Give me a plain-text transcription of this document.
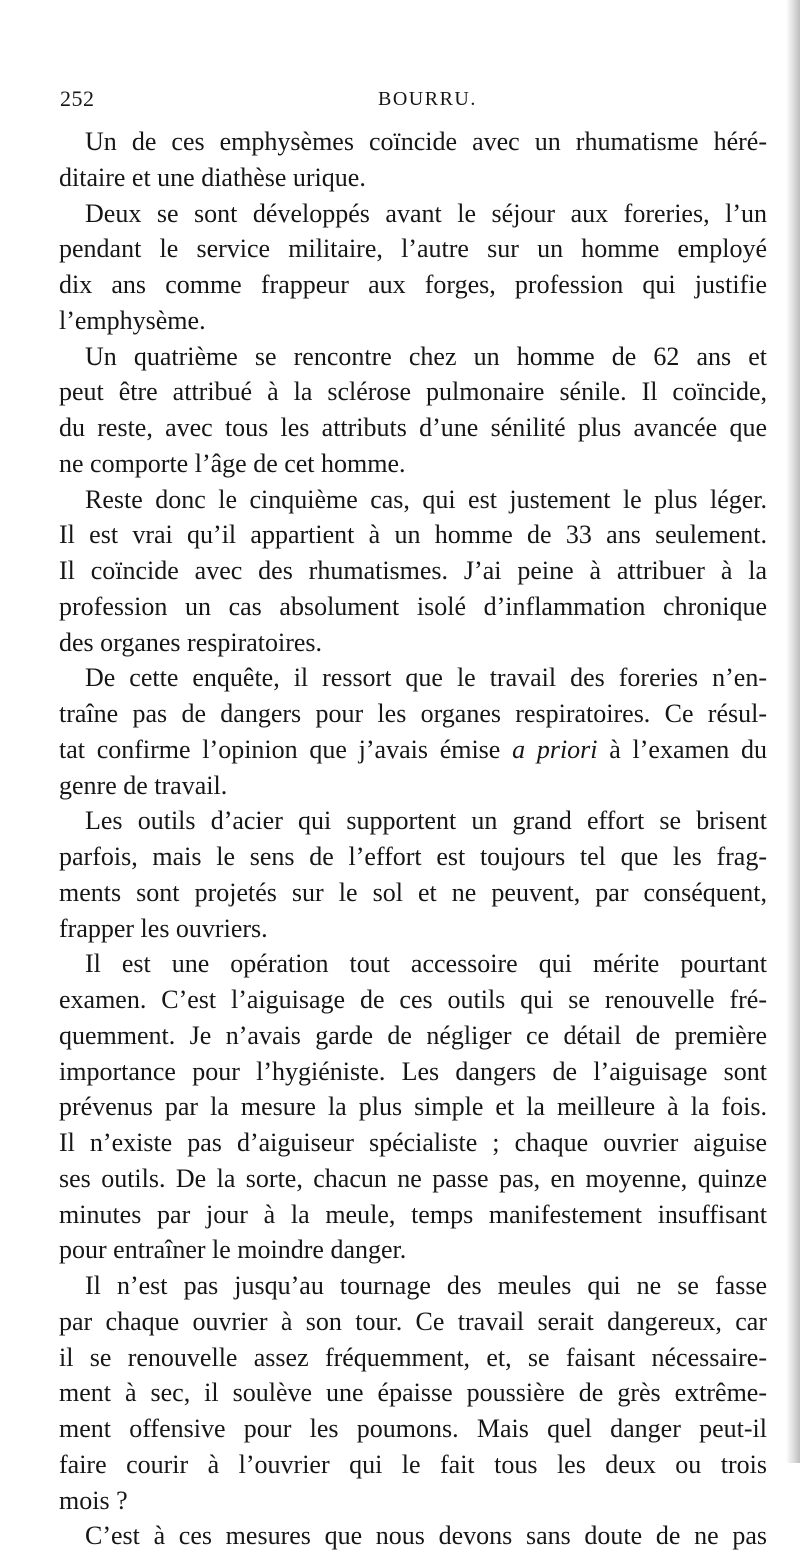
252	BOURRU.
Un de ces emphysèmes coïncide avec un rhumatisme héré-
ditaire et une diathèse urique.
Deux se sont développés avant le séjour aux foreries, l’un
pendant le service militaire, l’autre sur un homme employé
dix ans comme frappeur aux forges, profession qui justifie
l’emphysème.
Un quatrième se rencontre chez un homme de 62 ans et
peut être attribué à la sclérose pulmonaire sénile. Il coïncide,
du reste, avec tous les attributs d’une sénilité plus avancée que
ne comporte l’âge de cet homme.
Reste donc le cinquième cas, qui est justement le plus léger.
Il est vrai qu’il appartient à un homme de 33 ans seulement.
Il coïncide avec des rhumatismes. J’ai peine à attribuer à la
profession un cas absolument isolé d’inflammation chronique
des organes respiratoires.
De cette enquête, il ressort que le travail des foreries n’en-
traîne pas de dangers pour les organes respiratoires. Ce résul-
tat confirme l’opinion que j’avais émise a priori à l’examen du
genre de travail.
Les outils d’acier qui supportent un grand effort se brisent
parfois, mais le sens de l’effort est toujours tel que les frag-
ments sont projetés sur le sol et ne peuvent, par conséquent,
frapper les ouvriers.
Il est une opération tout accessoire qui mérite pourtant
examen. C’est l’aiguisage de ces outils qui se renouvelle fré-
quemment. Je n’avais garde de négliger ce détail de première
importance pour l’hygiéniste. Les dangers de l’aiguisage sont
prévenus par la mesure la plus simple et la meilleure à la fois.
Il n’existe pas d’aiguiseur spécialiste ; chaque ouvrier aiguise
ses outils. De la sorte, chacun ne passe pas, en moyenne, quinze
minutes par jour à la meule, temps manifestement insuffisant
pour entraîner le moindre danger.
Il n’est pas jusqu’au tournage des meules qui ne se fasse
par chaque ouvrier à son tour. Ce travail serait dangereux, car
il se renouvelle assez fréquemment, et, se faisant nécessaire-
ment à sec, il soulève une épaisse poussière de grès extrême-
ment offensive pour les poumons. Mais quel danger peut-il
faire courir à l’ouvrier qui le fait tous les deux ou trois
mois ?
C’est à ces mesures que nous devons sans doute de ne pas
